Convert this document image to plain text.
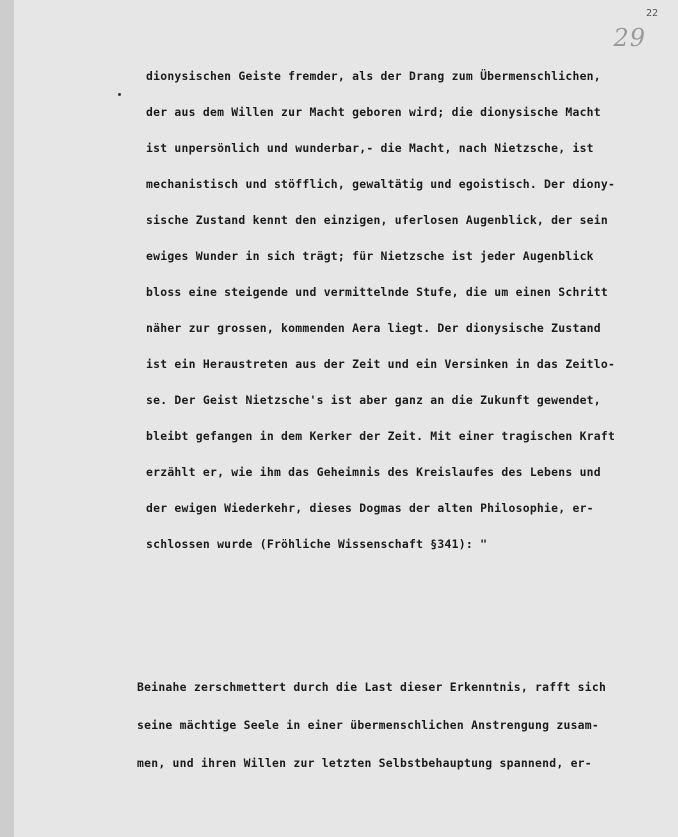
22
29
dionysischen Geiste fremder, als der Drang zum Übermenschlichen,
der aus dem Willen zur Macht geboren wird; die dionysische Macht
ist unpersönlich und wunderbar,- die Macht, nach Nietzsche, ist
mechanistisch und stöfflich, gewaltätig und egoistisch. Der diony-
sische Zustand kennt den einzigen, uferlosen Augenblick, der sein
ewiges Wunder in sich trägt; für Nietzsche ist jeder Augenblick
bloss eine steigende und vermittelnde Stufe, die um einen Schritt
näher zur grossen, kommenden Aera liegt. Der dionysische Zustand
ist ein Heraustreten aus der Zeit und ein Versinken in das Zeitlo-
se. Der Geist Nietzsche's ist aber ganz an die Zukunft gewendet,
bleibt gefangen in dem Kerker der Zeit. Mit einer tragischen Kraft
erzählt er, wie ihm das Geheimnis des Kreislaufes des Lebens und
der ewigen Wiederkehr, dieses Dogmas der alten Philosophie, er-
schlossen wurde (Fröhliche Wissenschaft §341): "
Beinahe zerschmettert durch die Last dieser Erkenntnis, rafft sich
seine mächtige Seele in einer übermenschlichen Anstrengung zusam-
men, und ihren Willen zur letzten Selbstbehauptung spannend, er-
